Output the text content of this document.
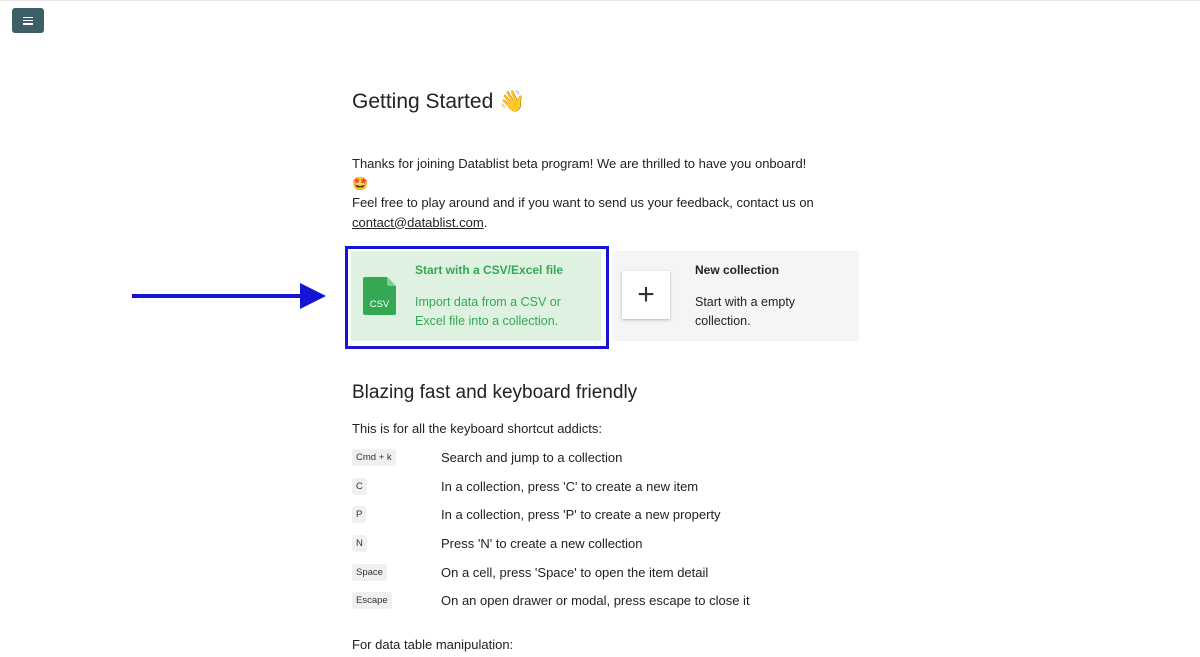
Getting Started 👋
Thanks for joining Datablist beta program! We are thrilled to have you onboard! 🤩
Feel free to play around and if you want to send us your feedback, contact us on
contact@datablist.com.
CSV
Start with a CSV/Excel file
Import data from a CSV or Excel file into a collection.
+
New collection
Start with a empty collection.
Blazing fast and keyboard friendly
This is for all the keyboard shortcut addicts:
Cmd + k	Search and jump to a collection
C	In a collection, press 'C' to create a new item
P	In a collection, press 'P' to create a new property
N	Press 'N' to create a new collection
Space	On a cell, press 'Space' to open the item detail
Escape	On an open drawer or modal, press escape to close it
For data table manipulation:
